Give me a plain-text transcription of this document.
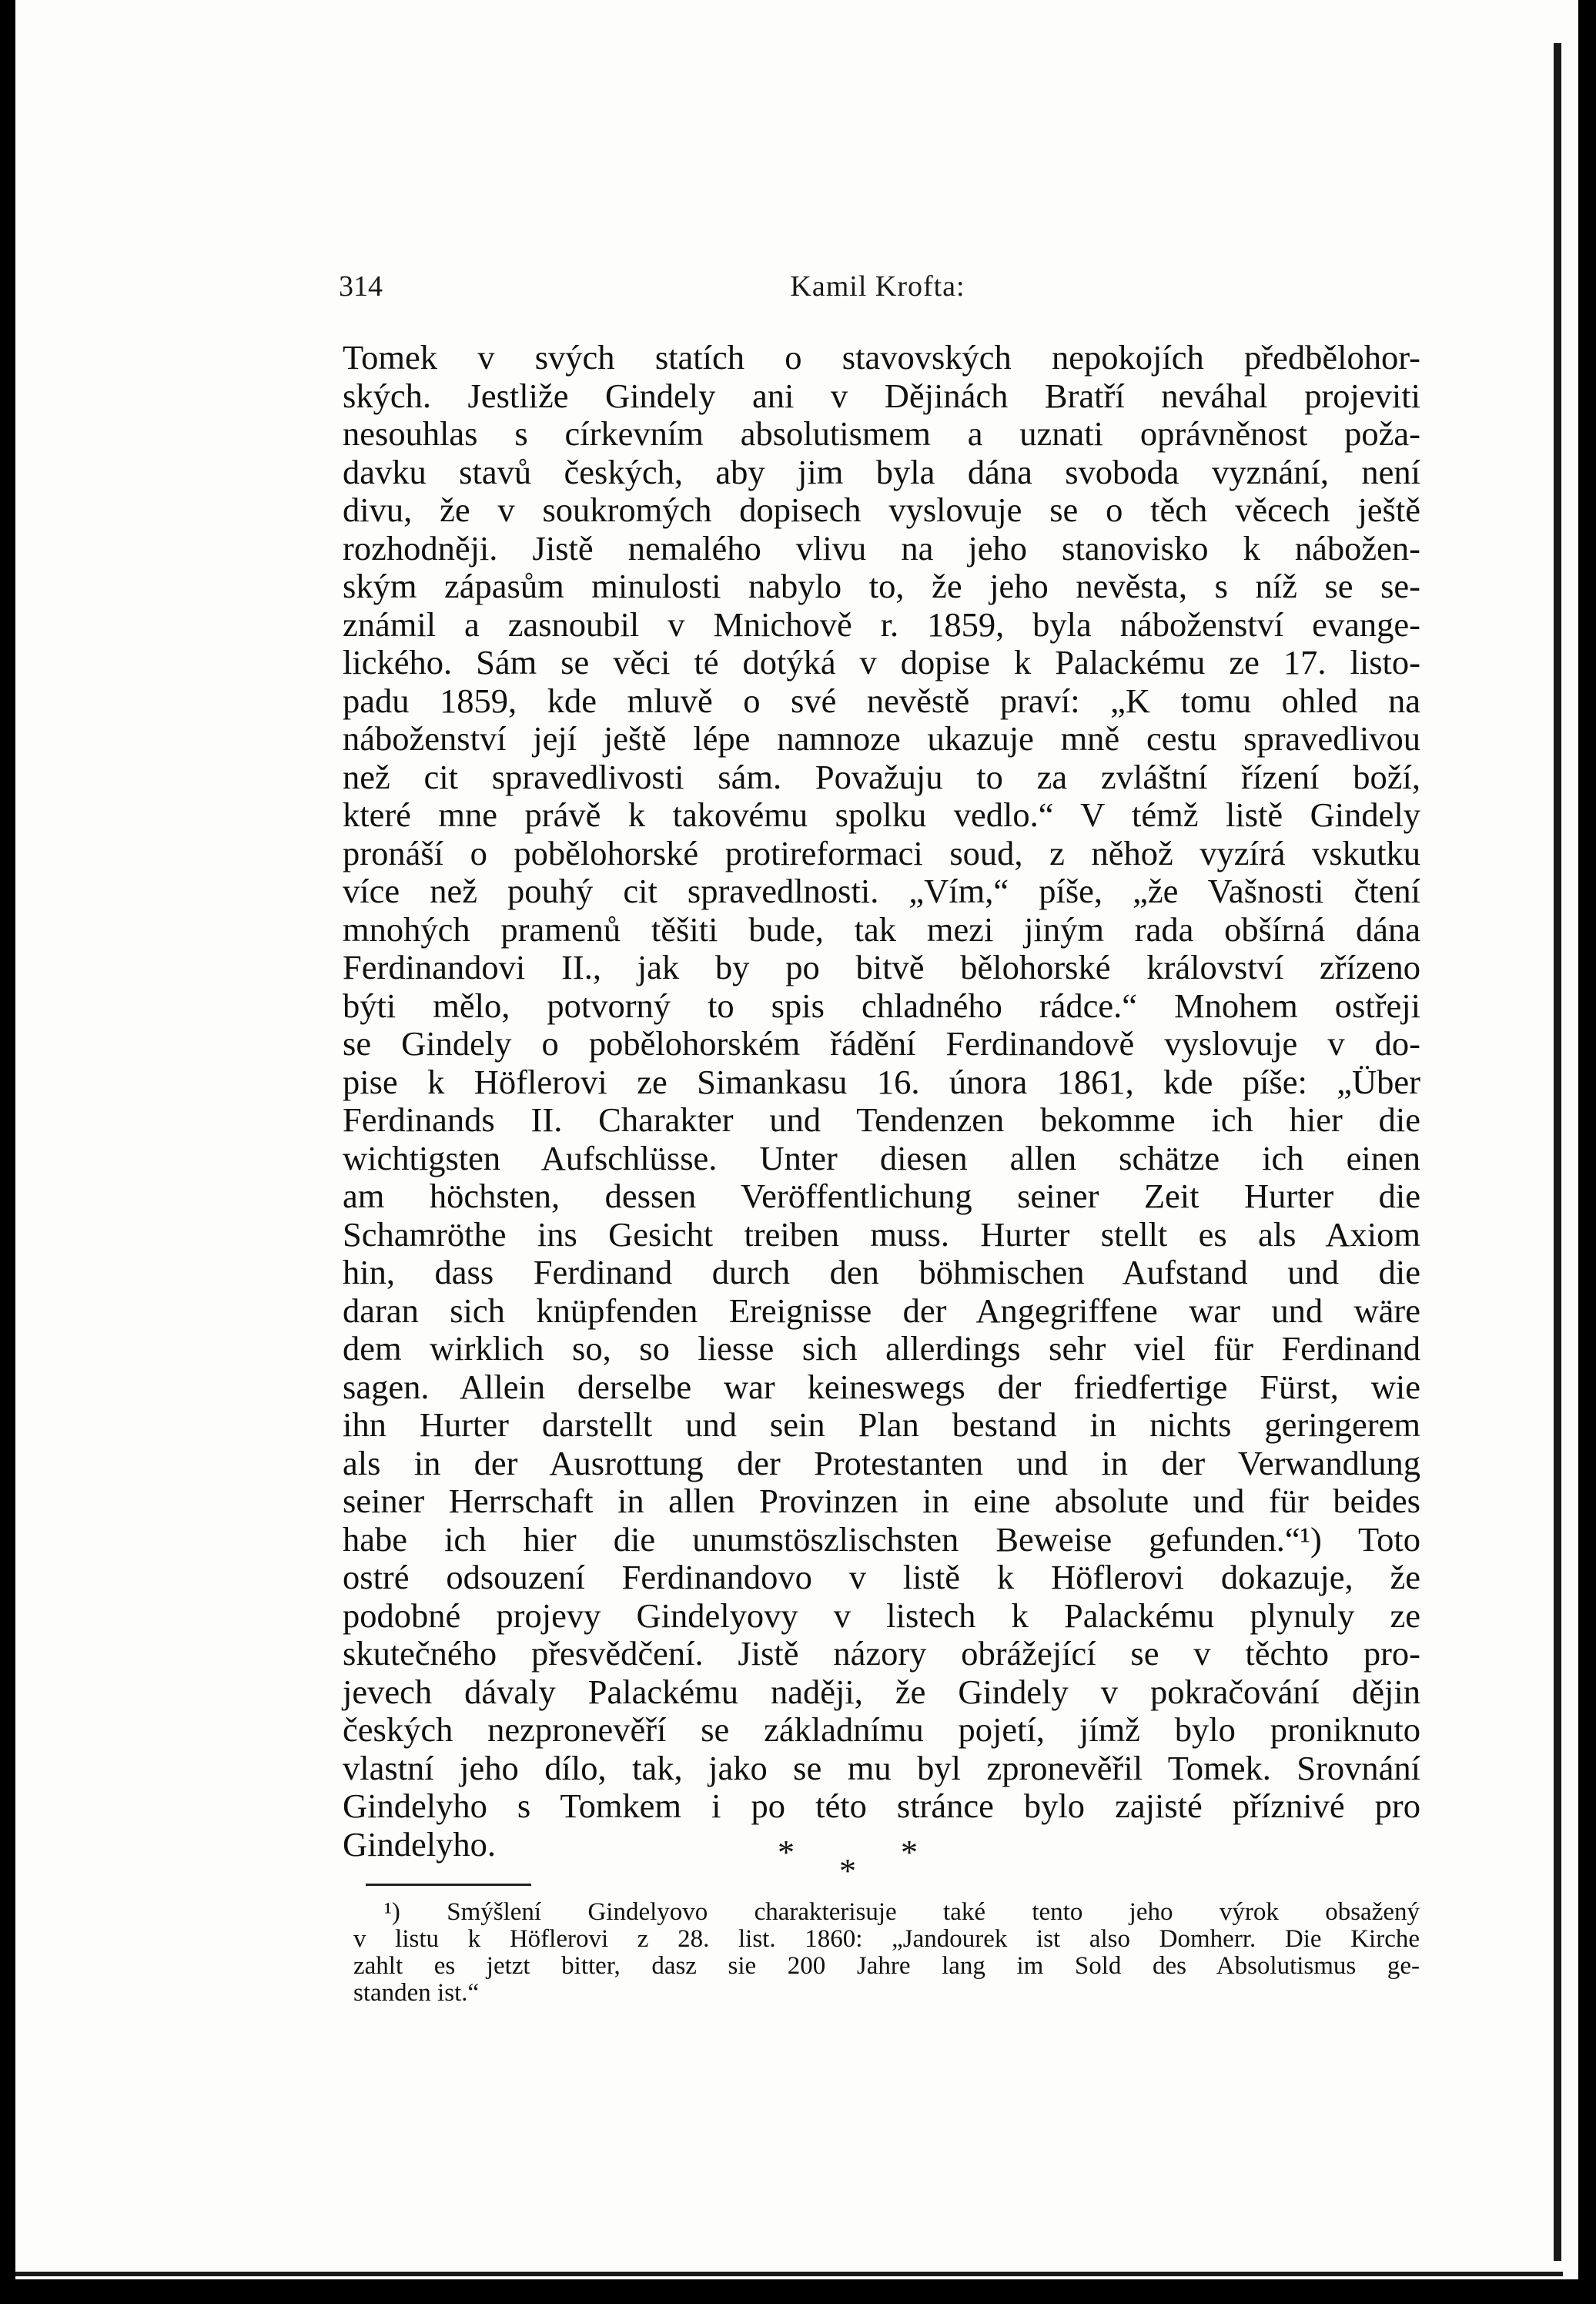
314	Kamil Krofta:
Tomek v svých statích o stavovských nepokojích předbělohor-
ských. Jestliže Gindely ani v Dějinách Bratří neváhal projeviti
nesouhlas s církevním absolutismem a uznati oprávněnost poža-
davku stavů českých, aby jim byla dána svoboda vyznání, není
divu, že v soukromých dopisech vyslovuje se o těch věcech ještě
rozhodněji. Jistě nemalého vlivu na jeho stanovisko k nábožen-
ským zápasům minulosti nabylo to, že jeho nevěsta, s níž se se-
známil a zasnoubil v Mnichově r. 1859, byla náboženství evange-
lického. Sám se věci té dotýká v dopise k Palackému ze 17. listo-
padu 1859, kde mluvě o své nevěstě praví: „K tomu ohled na
náboženství její ještě lépe namnoze ukazuje mně cestu spravedlivou
než cit spravedlivosti sám. Považuju to za zvláštní řízení boží,
které mne právě k takovému spolku vedlo.“ V témž listě Gindely
pronáší o pobělohorské protireformaci soud, z něhož vyzírá vskutku
více než pouhý cit spravedlnosti. „Vím,“ píše, „že Vašnosti čtení
mnohých pramenů těšiti bude, tak mezi jiným rada obšírná dána
Ferdinandovi II., jak by po bitvě bělohorské království zřízeno
býti mělo, potvorný to spis chladného rádce.“ Mnohem ostřeji
se Gindely o pobělohorském řádění Ferdinandově vyslovuje v do-
pise k Höflerovi ze Simankasu 16. února 1861, kde píše: „Über
Ferdinands II. Charakter und Tendenzen bekomme ich hier die
wichtigsten Aufschlüsse. Unter diesen allen schätze ich einen
am höchsten, dessen Veröffentlichung seiner Zeit Hurter die
Schamröthe ins Gesicht treiben muss. Hurter stellt es als Axiom
hin, dass Ferdinand durch den böhmischen Aufstand und die
daran sich knüpfenden Ereignisse der Angegriffene war und wäre
dem wirklich so, so liesse sich allerdings sehr viel für Ferdinand
sagen. Allein derselbe war keineswegs der friedfertige Fürst, wie
ihn Hurter darstellt und sein Plan bestand in nichts geringerem
als in der Ausrottung der Protestanten und in der Verwandlung
seiner Herrschaft in allen Provinzen in eine absolute und für beides
habe ich hier die unumstöszlischsten Beweise gefunden.“¹) Toto
ostré odsouzení Ferdinandovo v listě k Höflerovi dokazuje, že
podobné projevy Gindelyovy v listech k Palackému plynuly ze
skutečného přesvědčení. Jistě názory obrážející se v těchto pro-
jevech dávaly Palackému naději, že Gindely v pokračování dějin
českých nezpronevěří se základnímu pojetí, jímž bylo proniknuto
vlastní jeho dílo, tak, jako se mu byl zpronevěřil Tomek. Srovnání
Gindelyho s Tomkem i po této stránce bylo zajisté příznivé pro
Gindelyho.	* * *
¹) Smýšlení Gindelyovo charakterisuje také tento jeho výrok obsažený
v listu k Höflerovi z 28. list. 1860: „Jandourek ist also Domherr. Die Kirche
zahlt es jetzt bitter, dasz sie 200 Jahre lang im Sold des Absolutismus ge-
standen ist.“
